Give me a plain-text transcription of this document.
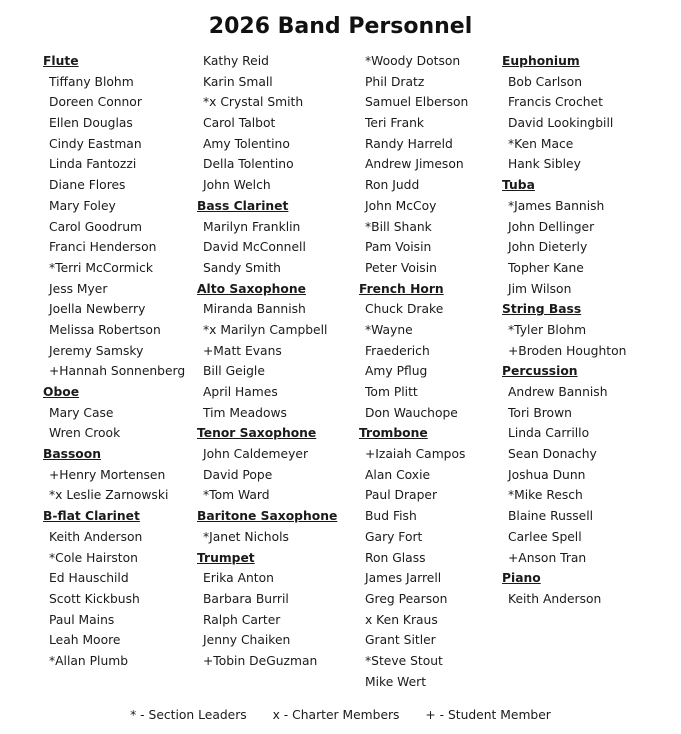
2026 Band Personnel
Flute
Tiffany Blohm
Doreen Connor
Ellen Douglas
Cindy Eastman
Linda Fantozzi
Diane Flores
Mary Foley
Carol Goodrum
Franci Henderson
*Terri McCormick
Jess Myer
Joella Newberry
Melissa Robertson
Jeremy Samsky
+Hannah Sonnenberg
Oboe
Mary Case
Wren Crook
Bassoon
+Henry Mortensen
*x Leslie Zarnowski
B-flat Clarinet
Keith Anderson
*Cole Hairston
Ed Hauschild
Scott Kickbush
Paul Mains
Leah Moore
*Allan Plumb
Kathy Reid
Karin Small
*x Crystal Smith
Carol Talbot
Amy Tolentino
Della Tolentino
John Welch
Bass Clarinet
Marilyn Franklin
David McConnell
Sandy Smith
Alto Saxophone
Miranda Bannish
*x Marilyn Campbell
+Matt Evans
Bill Geigle
April Hames
Tim Meadows
Tenor Saxophone
John Caldemeyer
David Pope
*Tom Ward
Baritone Saxophone
*Janet Nichols
Trumpet
Erika Anton
Barbara Burril
Ralph Carter
Jenny Chaiken
+Tobin DeGuzman
*Woody Dotson
Phil Dratz
Samuel Elberson
Teri Frank
Randy Harreld
Andrew Jimeson
Ron Judd
John McCoy
*Bill Shank
Pam Voisin
Peter Voisin
French Horn
Chuck Drake
*Wayne
Fraederich
Amy Pflug
Tom Plitt
Don Wauchope
Trombone
+Izaiah Campos
Alan Coxie
Paul Draper
Bud Fish
Gary Fort
Ron Glass
James Jarrell
Greg Pearson
x Ken Kraus
Grant Sitler
*Steve Stout
Mike Wert
Euphonium
Bob Carlson
Francis Crochet
David Lookingbill
*Ken Mace
Hank Sibley
Tuba
*James Bannish
John Dellinger
John Dieterly
Topher Kane
Jim Wilson
String Bass
*Tyler Blohm
+Broden Houghton
Percussion
Andrew Bannish
Tori Brown
Linda Carrillo
Sean Donachy
Joshua Dunn
*Mike Resch
Blaine Russell
Carlee Spell
+Anson Tran
Piano
Keith Anderson
* - Section Leaders x - Charter Members + - Student Member
